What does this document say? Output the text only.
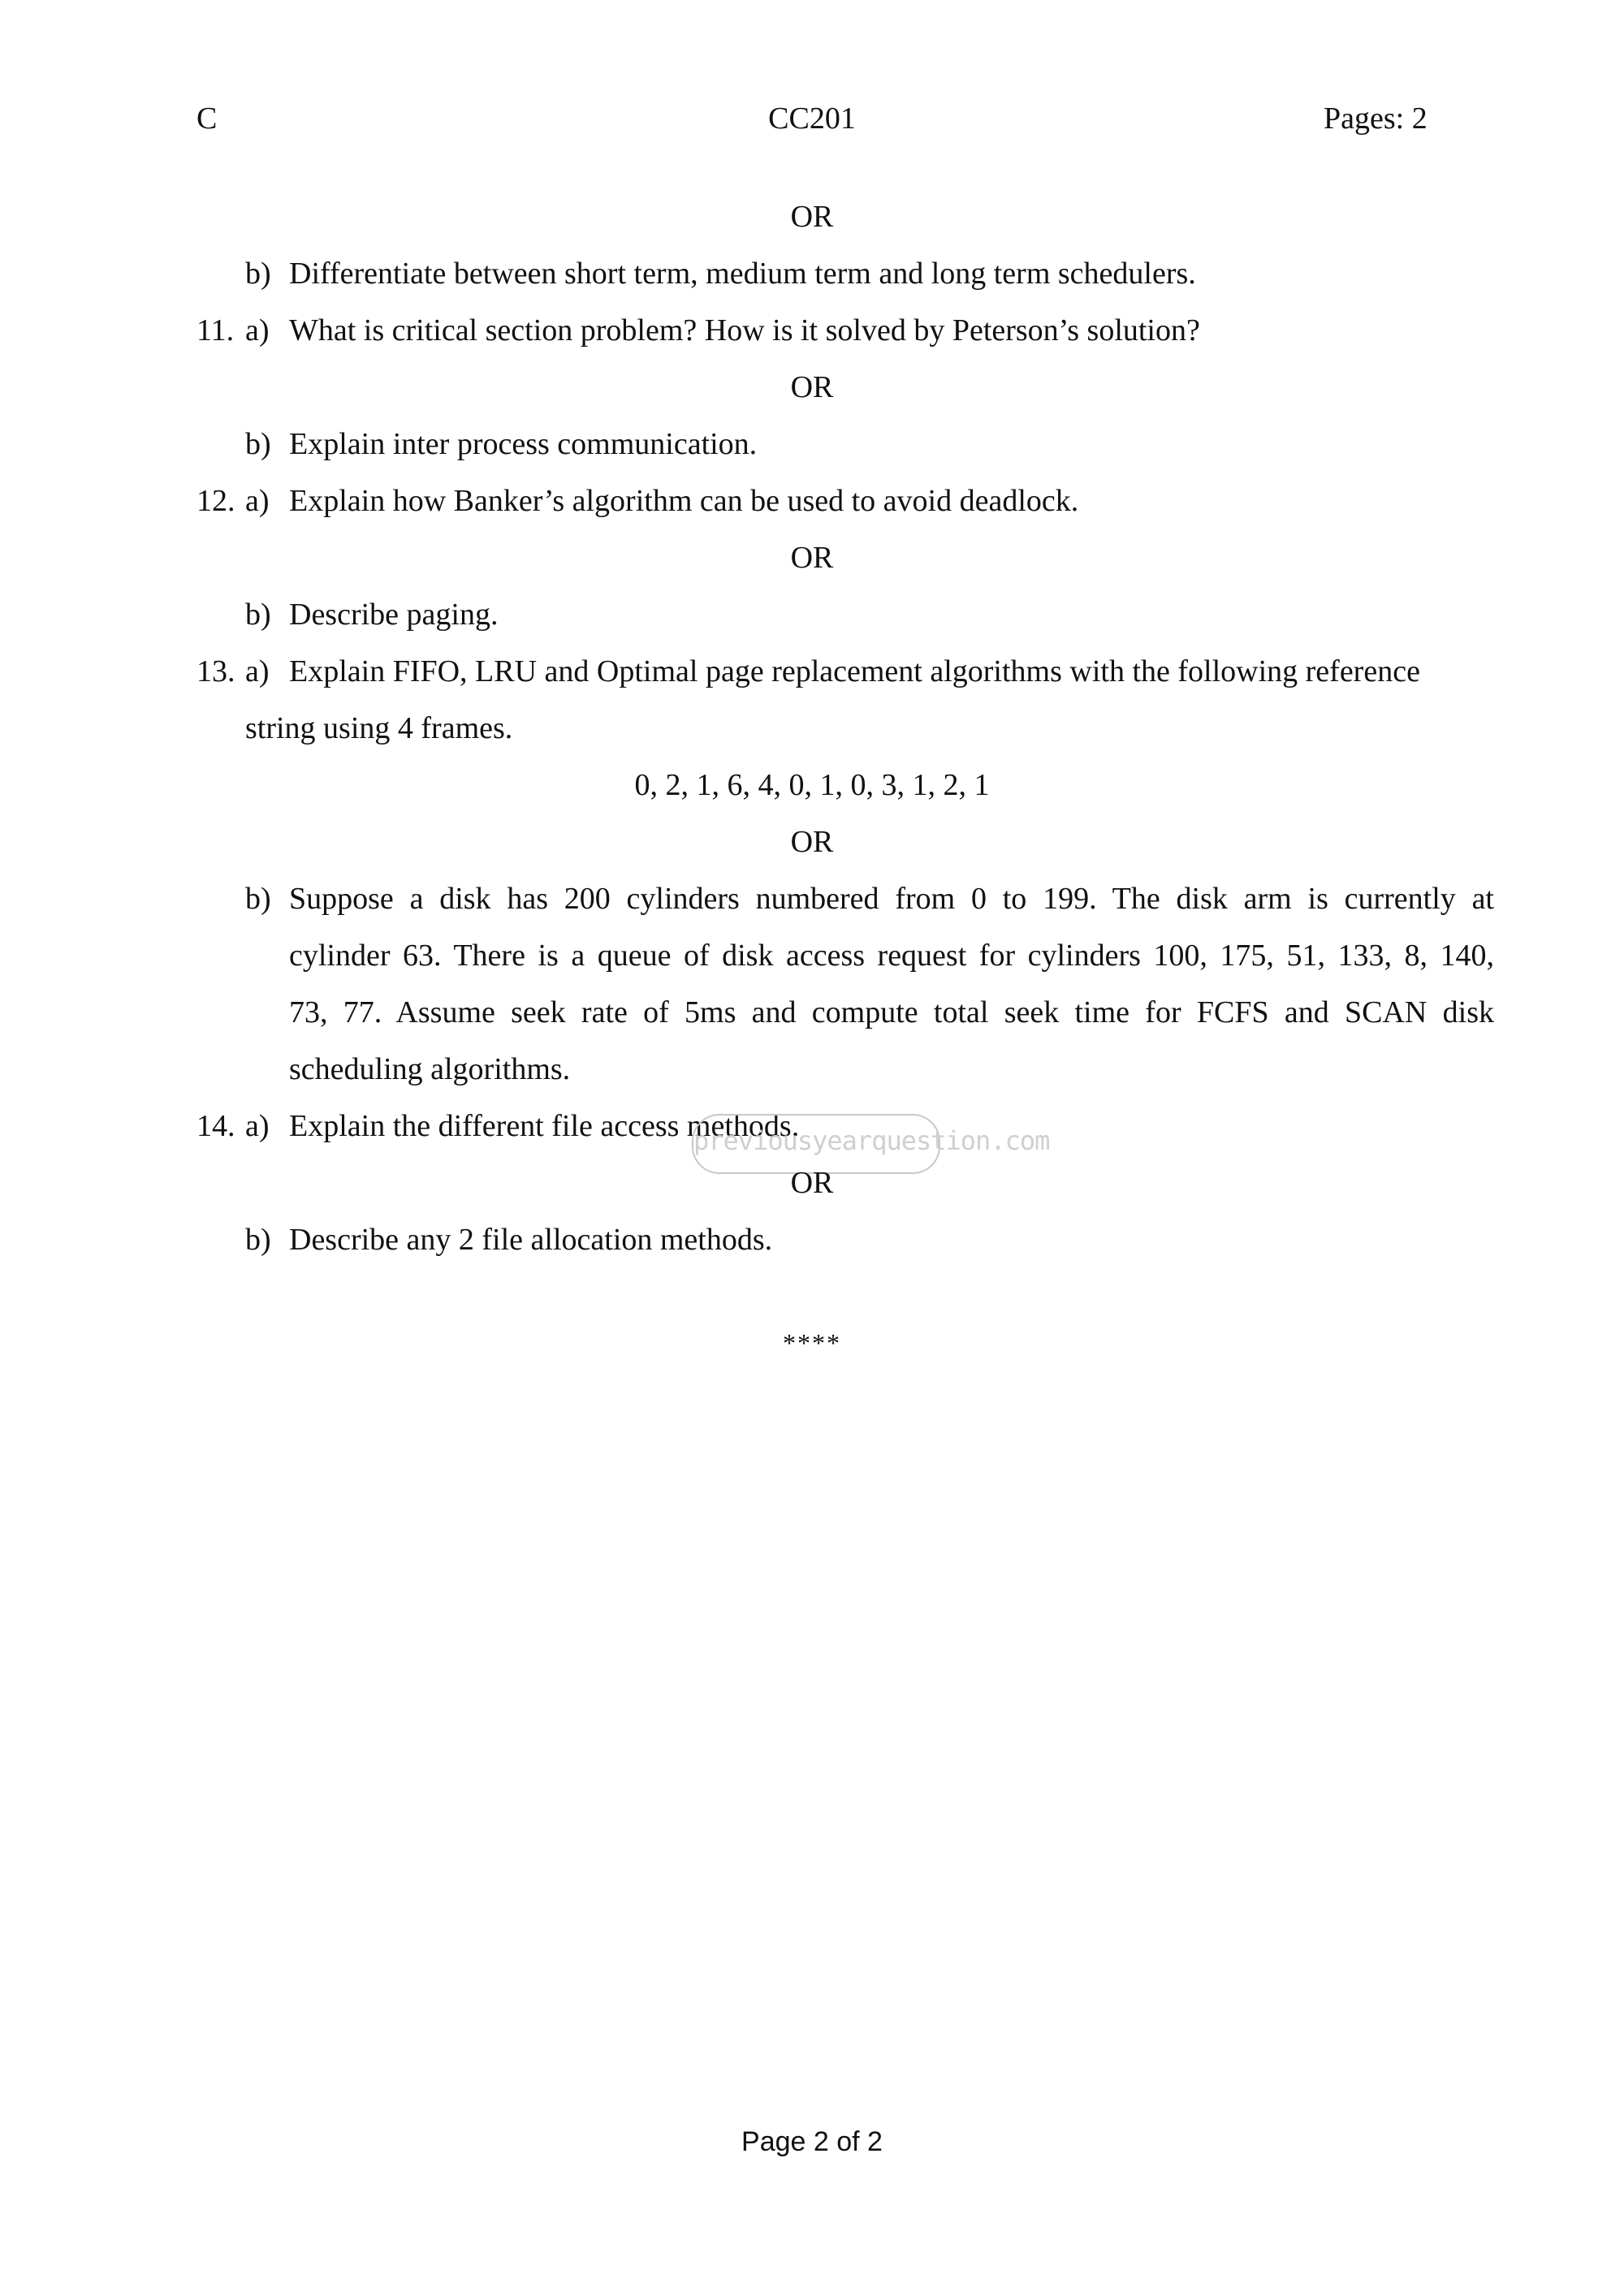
C	CC201	Pages: 2
OR
b) Differentiate between short term, medium term and long term schedulers.
11. a) What is critical section problem? How is it solved by Peterson’s solution?
OR
b) Explain inter process communication.
12. a) Explain how Banker’s algorithm can be used to avoid deadlock.
OR
b) Describe paging.
13. a) Explain FIFO, LRU and Optimal page replacement algorithms with the following reference
string using 4 frames.
0, 2, 1, 6, 4, 0, 1, 0, 3, 1, 2, 1
OR
b) Suppose a disk has 200 cylinders numbered from 0 to 199. The disk arm is currently at
cylinder 63. There is a queue of disk access request for cylinders 100, 175, 51, 133, 8, 140,
73, 77. Assume seek rate of 5ms and compute total seek time for FCFS and SCAN disk
scheduling algorithms.
14. a) Explain the different file access methods.
previousyearquestion.com
OR
b) Describe any 2 file allocation methods.
****
Page 2 of 2
